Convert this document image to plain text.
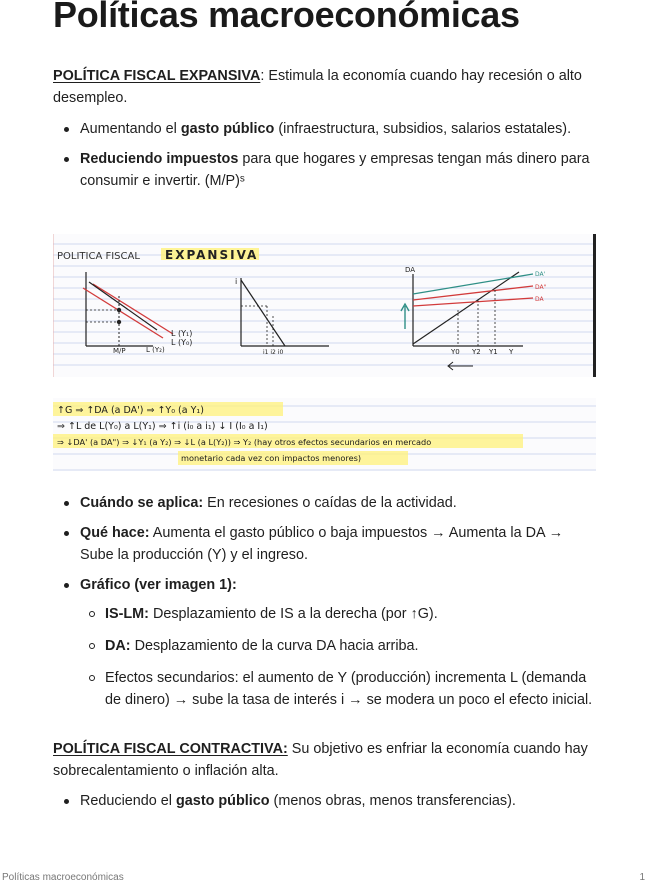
Políticas macroeconómicas
POLÍTICA FISCAL EXPANSIVA: Estimula la economía cuando hay recesión o alto desempleo.
Aumentando el gasto público (infraestructura, subsidios, salarios estatales).
Reduciendo impuestos para que hogares y empresas tengan más dinero para consumir e invertir. (M/P)ˢ
POLITICA FISCAL EXPANSIVA
L (Y₁)
L (Y₀)
L (Y₂)
M/P
i
i1 i2 i0
DA
DA'
DA"
DA
Y0 Y2 Y1 Y
↑G ⇒ ↑DA (a DA') ⇒ ↑Y₀ (a Y₁)
⇒ ↑L de L(Y₀) a L(Y₁) ⇒ ↑i (i₀ a i₁) ↓ I (I₀ a I₁)
⇒ ↓DA' (a DA") ⇒ ↓Y₁ (a Y₂) ⇒ ↓L (a L(Y₂)) ⇒ Y₂ (hay otros efectos secundarios en mercado
monetario cada vez con impactos menores)
Cuándo se aplica: En recesiones o caídas de la actividad.
Qué hace: Aumenta el gasto público o baja impuestos → Aumenta la DA → Sube la producción (Y) y el ingreso.
Gráfico (ver imagen 1):
IS-LM: Desplazamiento de IS a la derecha (por ↑G).
DA: Desplazamiento de la curva DA hacia arriba.
Efectos secundarios: el aumento de Y (producción) incrementa L (demanda de dinero) → sube la tasa de interés i → se modera un poco el efecto inicial.
POLÍTICA FISCAL CONTRACTIVA: Su objetivo es enfriar la economía cuando hay sobrecalentamiento o inflación alta.
Reduciendo el gasto público (menos obras, menos transferencias).
Políticas macroeconómicas	1
